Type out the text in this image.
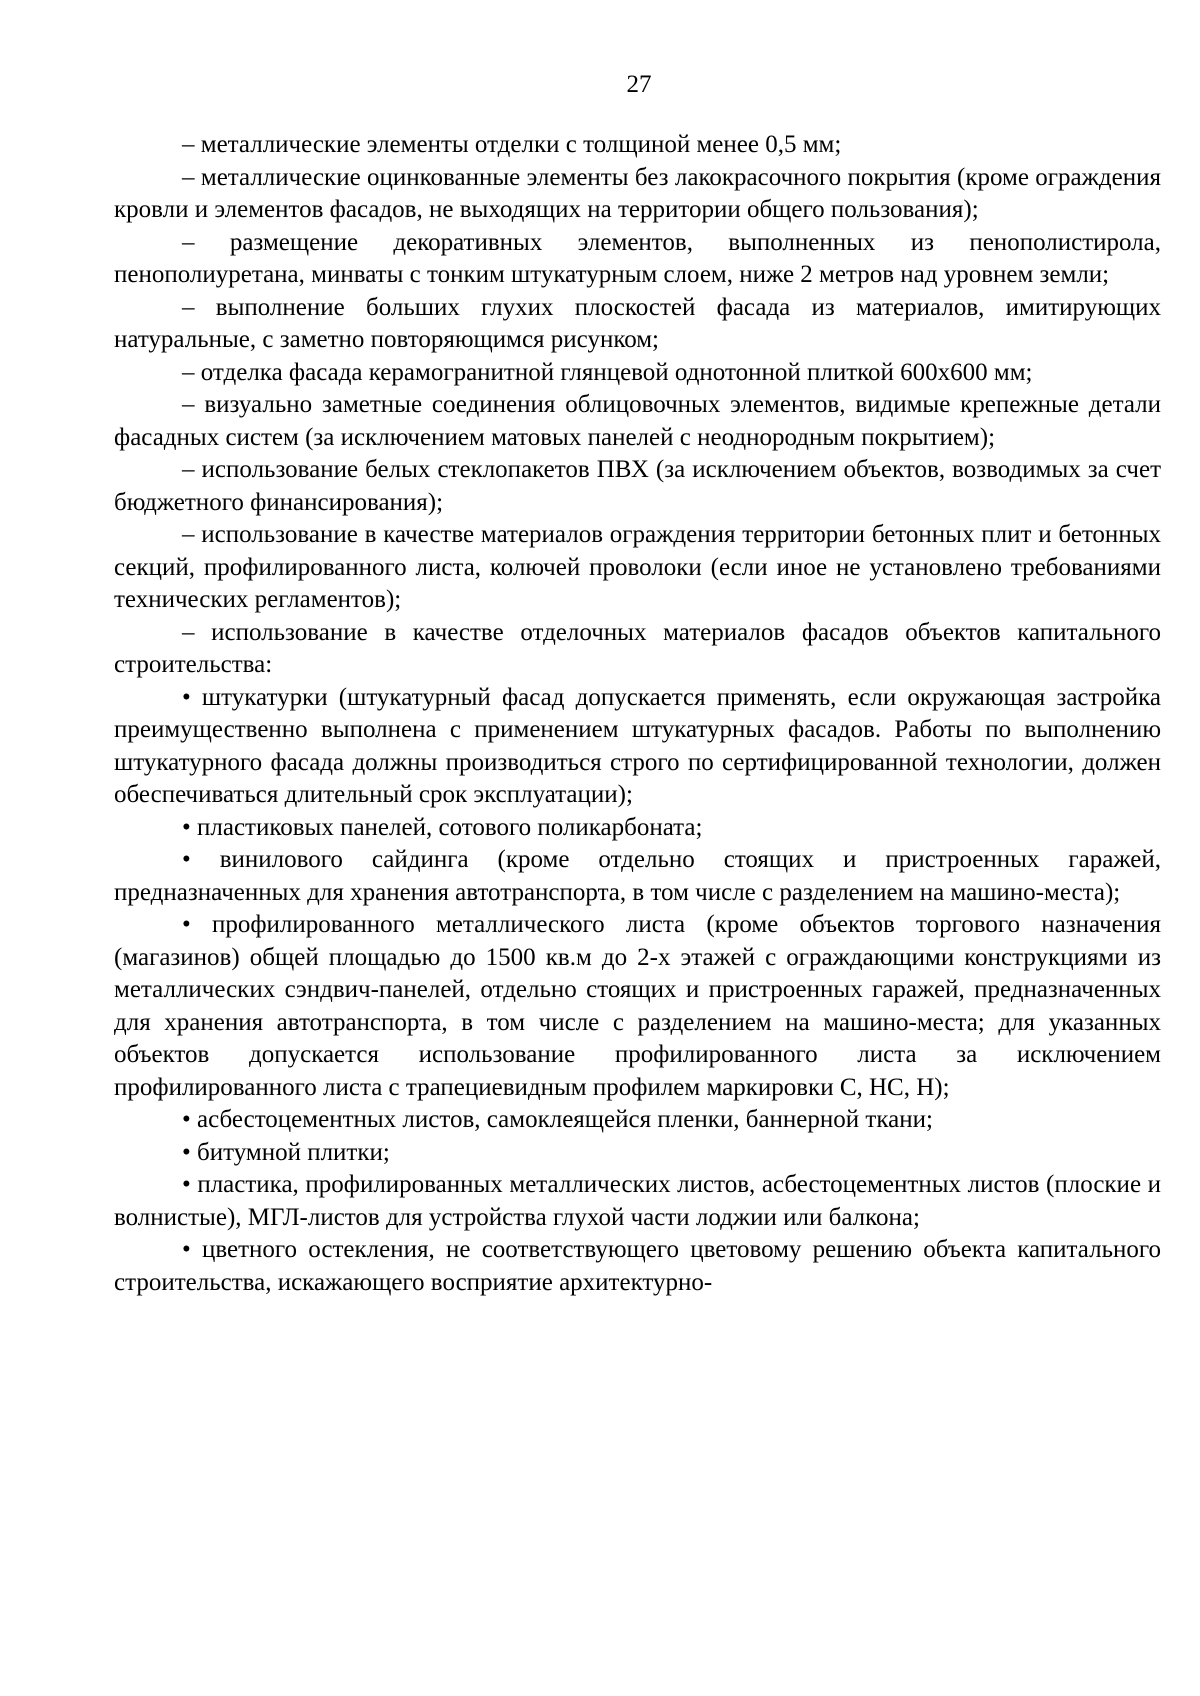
27

– металлические элементы отделки с толщиной менее 0,5 мм;

– металлические оцинкованные элементы без лакокрасочного покрытия (кроме ограждения кровли и элементов фасадов, не выходящих на территории общего пользования);

– размещение декоративных элементов, выполненных из пенополистирола, пенополиуретана, минваты с тонким штукатурным слоем, ниже 2 метров над уровнем земли;

– выполнение больших глухих плоскостей фасада из материалов, имитирующих натуральные, с заметно повторяющимся рисунком;

– отделка фасада керамогранитной глянцевой однотонной плиткой 600х600 мм;

– визуально заметные соединения облицовочных элементов, видимые крепежные детали фасадных систем (за исключением матовых панелей с неоднородным покрытием);

– использование белых стеклопакетов ПВХ (за исключением объектов, возводимых за счет бюджетного финансирования);

– использование в качестве материалов ограждения территории бетонных плит и бетонных секций, профилированного листа, колючей проволоки (если иное не установлено требованиями технических регламентов);

– использование в качестве отделочных материалов фасадов объектов капитального строительства:

• штукатурки (штукатурный фасад допускается применять, если окружающая застройка преимущественно выполнена с применением штукатурных фасадов. Работы по выполнению штукатурного фасада должны производиться строго по сертифицированной технологии, должен обеспечиваться длительный срок эксплуатации);

• пластиковых панелей, сотового поликарбоната;

• винилового сайдинга (кроме отдельно стоящих и пристроенных гаражей, предназначенных для хранения автотранспорта, в том числе с разделением на машино-места);

• профилированного металлического листа (кроме объектов торгового назначения (магазинов) общей площадью до 1500 кв.м до 2-х этажей с ограждающими конструкциями из металлических сэндвич-панелей, отдельно стоящих и пристроенных гаражей, предназначенных для хранения автотранспорта, в том числе с разделением на машино-места; для указанных объектов допускается использование профилированного листа за исключением профилированного листа с трапециевидным профилем маркировки С, НС, Н);

• асбестоцементных листов, самоклеящейся пленки, баннерной ткани;

• битумной плитки;

• пластика, профилированных металлических листов, асбестоцементных листов (плоские и волнистые), МГЛ-листов для устройства глухой части лоджии или балкона;

• цветного остекления, не соответствующего цветовому решению объекта капитального строительства, искажающего восприятие архитектурно-
